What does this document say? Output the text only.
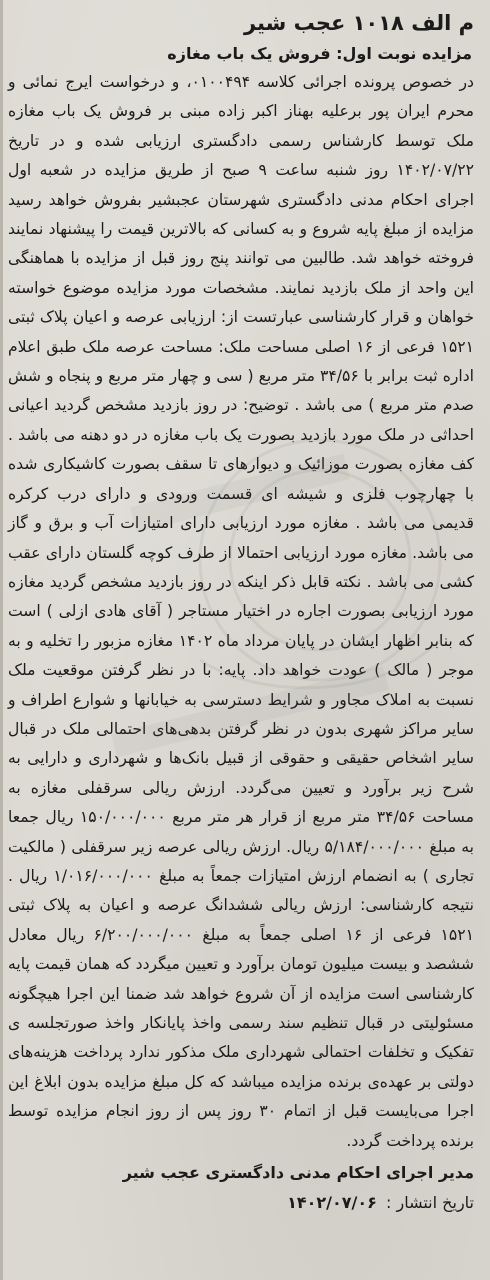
م الف ۱۰۱۸ عجب شیر
مزایده نوبت اول: فروش یک باب مغازه

در خصوص پرونده اجرائی کلاسه ۰۱۰۰۴۹۴، و درخواست ایرج نمائی و محرم ایران پور برعلیه بهناز اکبر زاده مبنی بر فروش یک باب مغازه ملک توسط کارشناس رسمی دادگستری ارزیابی شده و در تاریخ ۱۴۰۲/۰۷/۲۲ روز شنبه ساعت ۹ صبح از طریق مزایده در شعبه اول اجرای احکام مدنی دادگستری شهرستان عجبشیر بفروش خواهد رسید مزایده از مبلغ پایه شروع و به کسانی که بالاترین قیمت را پیشنهاد نمایند فروخته خواهد شد. طالبین می توانند پنج روز قبل از مزایده با هماهنگی این واحد از ملک بازدید نمایند. مشخصات مورد مزایده موضوع خواسته خواهان و قرار کارشناسی عبارتست از: ارزیابی عرصه و اعیان پلاک ثبتی ۱۵۲۱ فرعی از ۱۶ اصلی مساحت ملک: مساحت عرصه ملک طبق اعلام اداره ثبت برابر با ۳۴/۵۶ متر مربع ( سی و چهار متر مربع و پنجاه و شش صدم متر مربع ) می باشد . توضیح: در روز بازدید مشخص گردید اعیانی احداثی در ملک مورد بازدید بصورت یک باب مغازه در دو دهنه می باشد . کف مغازه بصورت موزائیک و دیوارهای تا سقف بصورت کاشیکاری شده با چهارچوب فلزی و شیشه ای قسمت ورودی و دارای درب کرکره قدیمی می باشد . مغازه مورد ارزیابی دارای امتیازات آب و برق و گاز می باشد. مغازه مورد ارزیابی احتمالا از طرف کوچه گلستان دارای عقب کشی می باشد . نکته قابل ذکر اینکه در روز بازدید مشخص گردید مغازه مورد ارزیابی بصورت اجاره در اختیار مستاجر ( آقای هادی ازلی ) است که بنابر اظهار ایشان در پایان مرداد ماه ۱۴۰۲ مغازه مزبور را تخلیه و به موجر ( مالک ) عودت خواهد داد. پایه: با در نظر گرفتن موقعیت ملک نسبت به املاک مجاور و شرایط دسترسی به خیابانها و شوارع اطراف و سایر مراکز شهری بدون در نظر گرفتن بدهی‌های احتمالی ملک در قبال سایر اشخاص حقیقی و حقوقی از قبیل بانک‌ها و شهرداری و دارایی به شرح زیر برآورد و تعیین می‌گردد. ارزش ریالی سرقفلی مغازه به مساحت ۳۴/۵۶ متر مربع از قرار هر متر مربع ۱۵۰/۰۰۰/۰۰۰ ریال جمعا به مبلغ ۵/۱۸۴/۰۰۰/۰۰۰ ریال. ارزش ریالی عرصه زیر سرقفلی ( مالکیت تجاری ) به انضمام ارزش امتیازات جمعاً به مبلغ ۱/۰۱۶/۰۰۰/۰۰۰ ریال . نتیجه کارشناسی: ارزش ریالی ششدانگ عرصه و اعیان به پلاک ثبتی ۱۵۲۱ فرعی از ۱۶ اصلی جمعاً به مبلغ ۶/۲۰۰/۰۰۰/۰۰۰ ریال معادل ششصد و بیست میلیون تومان برآورد و تعیین میگردد که همان قیمت پایه کارشناسی است مزایده از آن شروع خواهد شد ضمنا این اجرا هیچگونه مسئولیتی در قبال تنظیم سند رسمی واخذ پایانکار واخذ صورتجلسه ی تفکیک و تخلفات احتمالی شهرداری ملک مذکور ندارد پرداخت هزینه‌های دولتی بر عهده‌ی برنده مزایده میباشد که کل مبلغ مزایده بدون ابلاغ این اجرا می‌بایست قبل از اتمام ۳۰ روز پس از روز انجام مزایده توسط برنده پرداخت گردد.

مدیر اجرای احکام مدنی دادگستری عجب شیر
تاریخ انتشار : ۱۴۰۲/۰۷/۰۶
